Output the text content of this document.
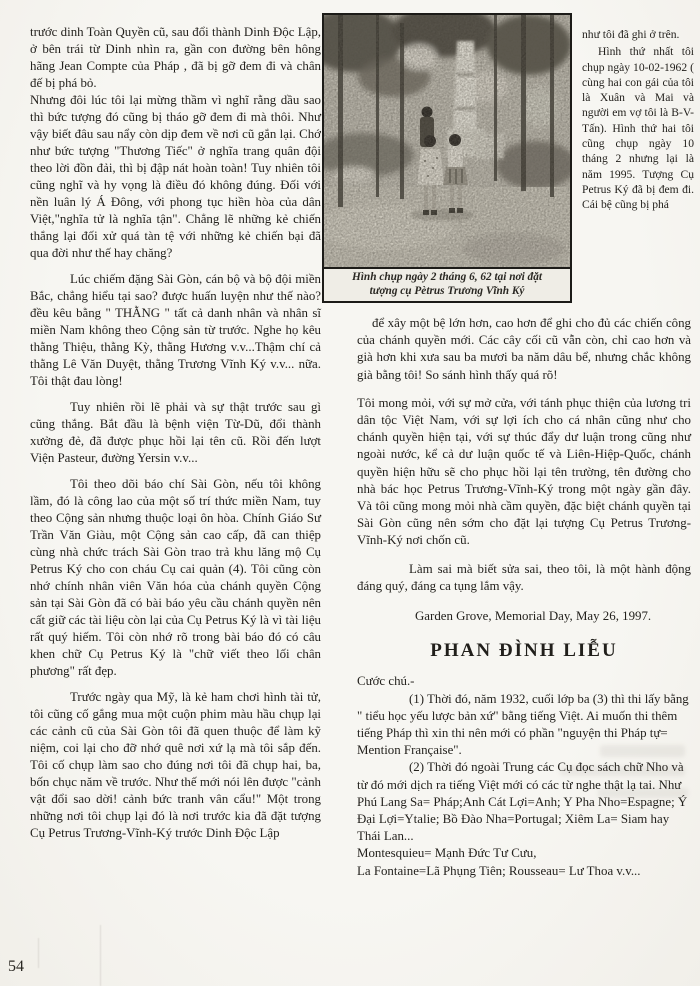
trước dinh Toàn Quyền cũ, sau đổi thành Dinh Độc Lập, ở bên trái từ Dinh nhìn ra, gần con đường bên hông hãng Jean Compte của Pháp , đã bị gỡ đem đi và chân đế bị phá bỏ.

Nhưng đôi lúc tôi lại mừng thầm vì nghĩ rằng dầu sao thì bức tượng đó cũng bị tháo gỡ đem đi mà thôi. Như vậy biết đâu sau nẩy còn dịp đem về nơi cũ gắn lại. Chớ như bức tượng "Thương Tiếc" ở nghĩa trang quân đội theo lời đồn đải, thì bị đập nát hoàn toàn! Tuy nhiên tôi cũng nghĩ và hy vọng là điều đó không đúng. Đối với nền luân lý Á Đông, với phong tục hiền hòa của dân Việt,"nghĩa tử là nghĩa tận". Chẳng lẽ những kẻ chiến thắng lại đối xử quá tàn tệ với những kẻ chiến bại đã qua đời như thế hay chăng?

Lúc chiếm đặng Sài Gòn, cán bộ và bộ đội miền Bắc, chẳng hiểu tại sao? được huấn luyện như thế nào? đều kêu bằng " THẰNG " tất cả danh nhân và nhân sĩ miền Nam không theo Cộng sản từ trước. Nghe họ kêu thằng Thiệu, thằng Kỳ, thằng Hương v.v...Thậm chí cả thằng Lê Văn Duyệt, thằng Trương Vĩnh Ký v.v... nữa. Tôi thật đau lòng!

Tuy nhiên rồi lẽ phải và sự thật trước sau gì cũng thắng. Bắt đầu là bệnh viện Từ-Dũ, đổi thành xưởng đẻ, đã được phục hồi lại tên cũ. Rồi đến lượt Viện Pasteur, đường Yersin v.v...

Tôi theo dõi báo chí Sài Gòn, nếu tôi không lầm, đó là công lao của một số trí thức miền Nam, tuy theo Cộng sản nhưng thuộc loại ôn hòa. Chính Giáo Sư Trần Văn Giàu, một Cộng sản cao cấp, đã can thiệp cùng nhà chức trách Sài Gòn trao trả khu lăng mộ Cụ Petrus Ký cho con cháu Cụ cai quản (4). Tôi cũng còn nhớ chính nhân viên Văn hóa của chánh quyền Cộng sản tại Sài Gòn đã có bài báo yêu cầu chánh quyền nên cất giữ các tài liệu còn lại của Cụ Petrus Ký là vì tài liệu rất quý hiếm. Tôi còn nhớ rõ trong bài báo đó có câu khen chữ Cụ Petrus Ký là "chữ viết theo lối chân phương" rất đẹp.

Trước ngày qua Mỹ, là kẻ ham chơi hình tài tử, tôi cũng cố gắng mua một cuộn phim màu hầu chụp lại các cảnh cũ của Sài Gòn tôi đã quen thuộc để làm kỹ niệm, coi lại cho đỡ nhớ quê nơi xứ lạ mà tôi sắp đến. Tôi cố chụp làm sao cho đúng nơi tôi đã chụp hai, ba, bốn chục năm về trước. Như thế mới nói lên được "cảnh vật đổi sao dời! cảnh bức tranh vân cẩu!" Một trong những nơi tôi chụp lại đó là nơi trước kia đã đặt tượng Cụ Petrus Trương-Vĩnh-Ký trước Dinh Độc Lập

Hình chụp ngày 2 tháng 6, 62 tại nơi đặt
tượng cụ Pètrus Trương Vĩnh Ký

như tôi đã ghi ở trên.

Hình thứ nhất tôi chụp ngày 10-02-1962 ( cùng hai con gái của tôi là Xuân và Mai và người em vợ tôi là B-V-Tấn). Hình thứ hai tôi cũng chụp ngày 10 tháng 2 nhưng lại là năm 1995. Tượng Cụ Petrus Ký đã bị đem đi. Cái bệ cũng bị phá

để xây một bệ lớn hơn, cao hơn để ghi cho đủ các chiến công của chánh quyền mới. Các cây cối cũ vẫn còn, chỉ cao hơn và già hơn khi xưa sau ba mươi ba năm dâu bể, nhưng chắc không già bằng tôi! So sánh hình thấy quá rõ!

Tôi mong mỏi, với sự mở cửa, với tánh phục thiện của lương tri dân tộc Việt Nam, với sự lợi ích cho cá nhân cũng như cho chánh quyền hiện tại, với sự thúc đẩy dư luận trong cũng như ngoài nước, kể cả dư luận quốc tế và Liên-Hiệp-Quốc, chánh quyền hiện hữu sẽ cho phục hồi lại tên trường, tên đường cho nhà bác học Petrus Trương-Vĩnh-Ký trong một ngày gần đây. Và tôi cũng mong mỏi nhà cầm quyền, đặc biệt chánh quyền tại Sài Gòn cũng nên sớm cho đặt lại tượng Cụ Petrus Trương-Vĩnh-Ký nơi chốn cũ.

Làm sai mà biết sửa sai, theo tôi, là một hành động đáng quý, đáng ca tụng lắm vậy.

Garden Grove, Memorial Day, May 26, 1997.

PHAN ĐÌNH LIỄU

Cước chú.-

(1) Thời đó, năm 1932, cuối lớp ba (3) thì thi lấy bằng " tiểu học yếu lược bản xứ" bằng tiếng Việt. Ai muốn thi thêm tiếng Pháp thì xin thi nên mới có phần "nguyện thi Pháp tự= Mention Française".

(2) Thời đó ngoài Trung các Cụ đọc sách chữ Nho và từ đó mới dịch ra tiếng Việt mới có các từ nghe thật lạ tai. Như Phú Lang Sa= Pháp;Anh Cát Lợi=Anh; Y Pha Nho=Espagne; Ý Đại Lợi=Ytalie; Bồ Đào Nha=Portugal; Xiêm La= Siam hay Thái Lan...

Montesquieu= Mạnh Đức Tư Cưu,

La Fontaine=Lã Phụng Tiên; Rousseau= Lư Thoa v.v...

54
